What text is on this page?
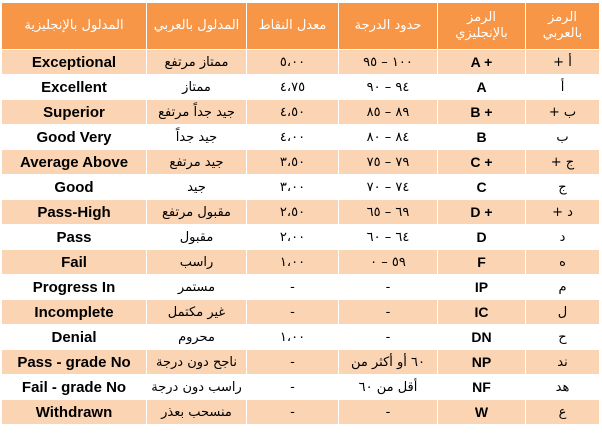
الرمز بالعربي	الرمز بالإنجليزي	حدود الدرجة	معدل النقاط	المدلول بالعربي	المدلول بالإنجليزية
أ +	A +	١٠٠ – ٩٥	٥،٠٠	ممتاز مرتفع	Exceptional
أ	A	٩٤ – ٩٠	٤،٧٥	ممتاز	Excellent
ب +	B +	٨٩ – ٨٥	٤،٥٠	جيد جداً مرتفع	Superior
ب	B	٨٤ – ٨٠	٤،٠٠	جيد جداً	Good Very
ج +	C +	٧٩ – ٧٥	٣،٥٠	جيد مرتفع	Average Above
ج	C	٧٤ – ٧٠	٣،٠٠	جيد	Good
د +	D +	٦٩ – ٦٥	٢،٥٠	مقبول مرتفع	Pass-High
د	D	٦٤ – ٦٠	٢،٠٠	مقبول	Pass
ه	F	٥٩ – ٠	١،٠٠	راسب	Fail
م	IP	-	-	مستمر	Progress In
ل	IC	-	-	غير مكتمل	Incomplete
ح	DN	-	١،٠٠	محروم	Denial
ند	NP	٦٠ أو أكثر من	-	ناجح دون درجة	Pass - grade No
هد	NF	أقل من ٦٠	-	راسب دون درجة	Fail - grade No
ع	W	-	-	منسحب بعذر	Withdrawn
